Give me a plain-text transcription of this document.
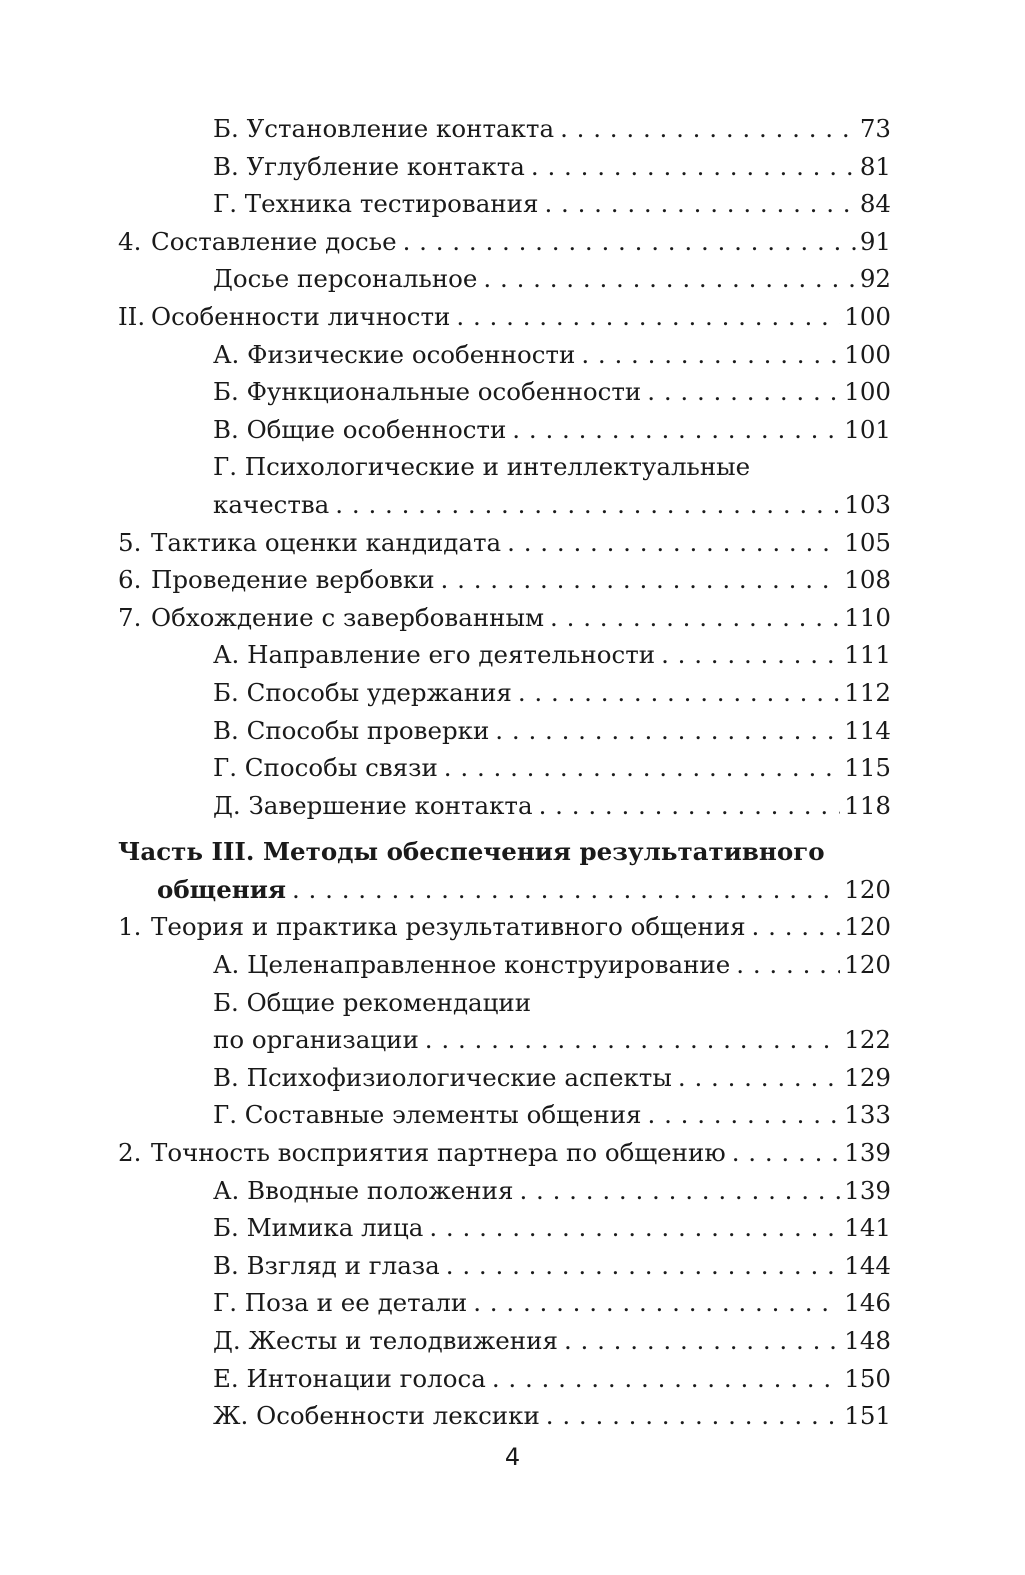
Б. Установление контакта . . .	73
В. Углубление контакта . . .	81
Г. Техника тестирования . . .	84
4. Составление досье . . .	91
Досье персональное . . .	92
II. Особенности личности . . .	100
А. Физические особенности . . .	100
Б. Функциональные особенности . . .	100
В. Общие особенности . . .	101
Г. Психологические и интеллектуальные
качества . . .	103
5. Тактика оценки кандидата . . .	105
6. Проведение вербовки . . .	108
7. Обхождение с завербованным . . .	110
А. Направление его деятельности . . .	111
Б. Способы удержания . . .	112
В. Способы проверки . . .	114
Г. Способы связи . . .	115
Д. Завершение контакта . . .	118
Часть III. Методы обеспечения результативного
общения . . .	120
1. Теория и практика результативного общения . . .	120
А. Целенаправленное конструирование . . .	120
Б. Общие рекомендации
по организации . . .	122
В. Психофизиологические аспекты . . .	129
Г. Составные элементы общения . . .	133
2. Точность восприятия партнера по общению . . .	139
А. Вводные положения . . .	139
Б. Мимика лица . . .	141
В. Взгляд и глаза . . .	144
Г. Поза и ее детали . . .	146
Д. Жесты и телодвижения . . .	148
Е. Интонации голоса . . .	150
Ж. Особенности лексики . . .	151
4
